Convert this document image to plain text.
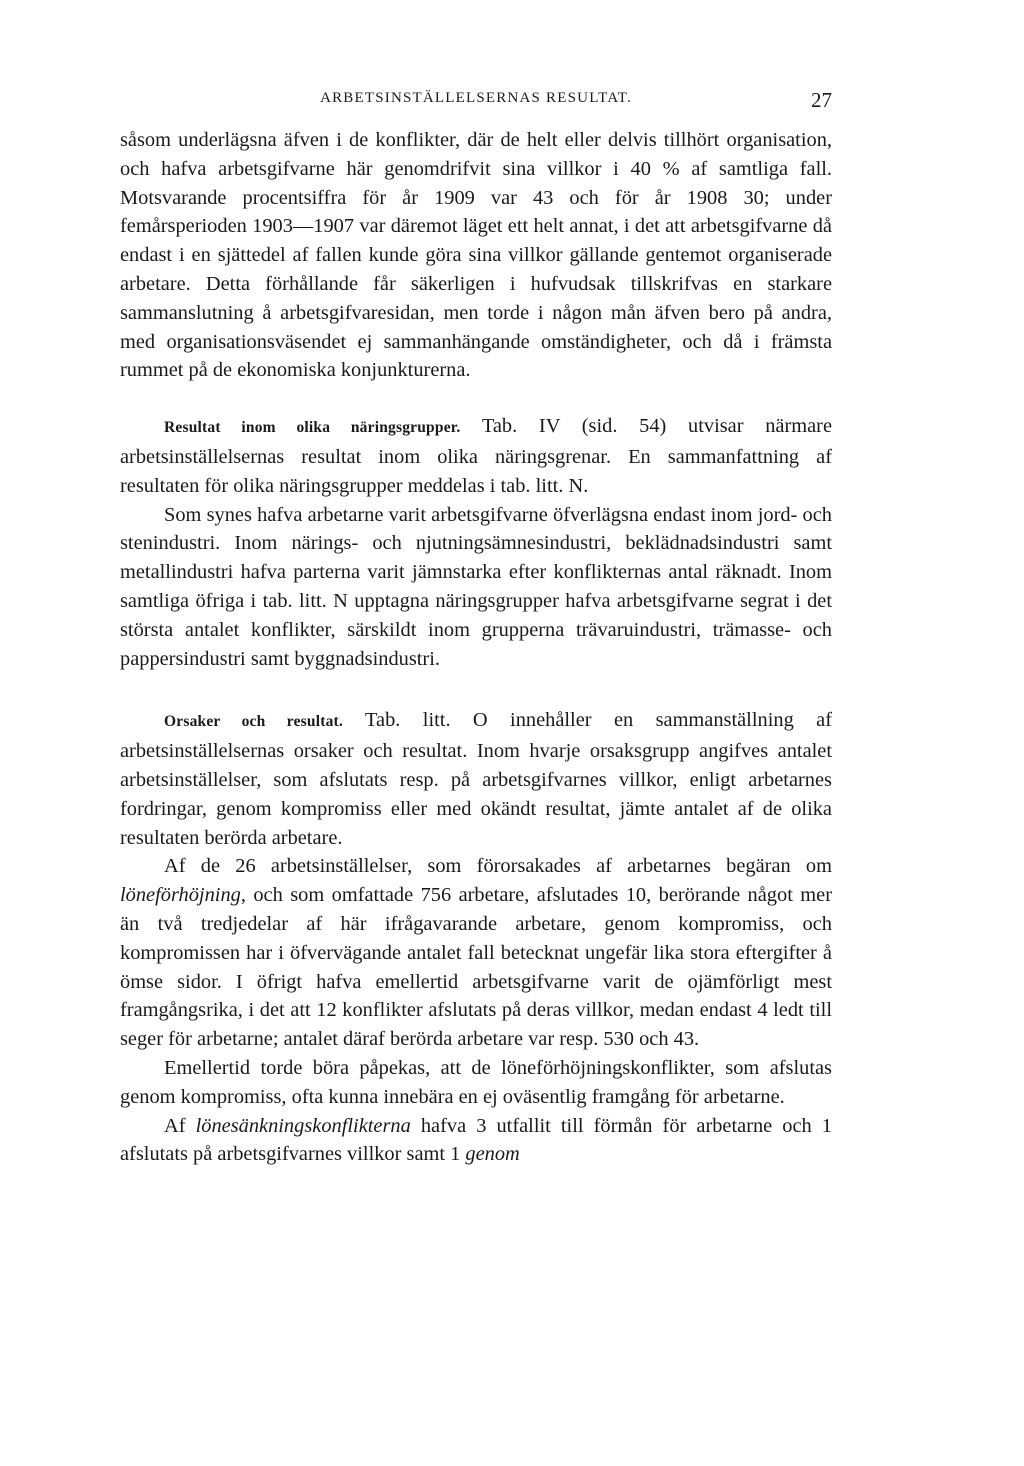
ARBETSINSTÄLLELSERNAS RESULTAT.	27

såsom underlägsna äfven i de konflikter, där de helt eller delvis tillhört organisation, och hafva arbetsgifvarne här genomdrifvit sina villkor i 40 % af samtliga fall. Motsvarande procentsiffra för år 1909 var 43 och för år 1908 30; under femårsperioden 1903—1907 var däremot läget ett helt annat, i det att arbetsgifvarne då endast i en sjättedel af fallen kunde göra sina villkor gällande gentemot organiserade arbetare. Detta förhållande får säkerligen i hufvudsak tillskrifvas en starkare sammanslutning å arbetsgifvaresidan, men torde i någon mån äfven bero på andra, med organisationsväsendet ej sammanhängande omständigheter, och då i främsta rummet på de ekonomiska konjunkturerna.

Resultat inom olika näringsgrupper. Tab. IV (sid. 54) utvisar närmare arbetsinställelsernas resultat inom olika näringsgrenar. En sammanfattning af resultaten för olika näringsgrupper meddelas i tab. litt. N.

Som synes hafva arbetarne varit arbetsgifvarne öfverlägsna endast inom jord- och stenindustri. Inom närings- och njutningsämnesindustri, beklädnadsindustri samt metallindustri hafva parterna varit jämnstarka efter konflikternas antal räknadt. Inom samtliga öfriga i tab. litt. N upptagna näringsgrupper hafva arbetsgifvarne segrat i det största antalet konflikter, särskildt inom grupperna trävaruindustri, trämasse- och pappersindustri samt byggnadsindustri.

Orsaker och resultat. Tab. litt. O innehåller en sammanställning af arbetsinställelsernas orsaker och resultat. Inom hvarje orsaksgrupp angifves antalet arbetsinställelser, som afslutats resp. på arbetsgifvarnes villkor, enligt arbetarnes fordringar, genom kompromiss eller med okändt resultat, jämte antalet af de olika resultaten berörda arbetare.

Af de 26 arbetsinställelser, som förorsakades af arbetarnes begäran om löneförhöjning, och som omfattade 756 arbetare, afslutades 10, berörande något mer än två tredjedelar af här ifrågavarande arbetare, genom kompromiss, och kompromissen har i öfvervägande antalet fall betecknat ungefär lika stora eftergifter å ömse sidor. I öfrigt hafva emellertid arbetsgifvarne varit de ojämförligt mest framgångsrika, i det att 12 konflikter afslutats på deras villkor, medan endast 4 ledt till seger för arbetarne; antalet däraf berörda arbetare var resp. 530 och 43.

Emellertid torde böra påpekas, att de löneförhöjningskonflikter, som afslutas genom kompromiss, ofta kunna innebära en ej oväsentlig framgång för arbetarne.

Af lönesänkningskonflikterna hafva 3 utfallit till förmån för arbetarne och 1 afslutats på arbetsgifvarnes villkor samt 1 genom
